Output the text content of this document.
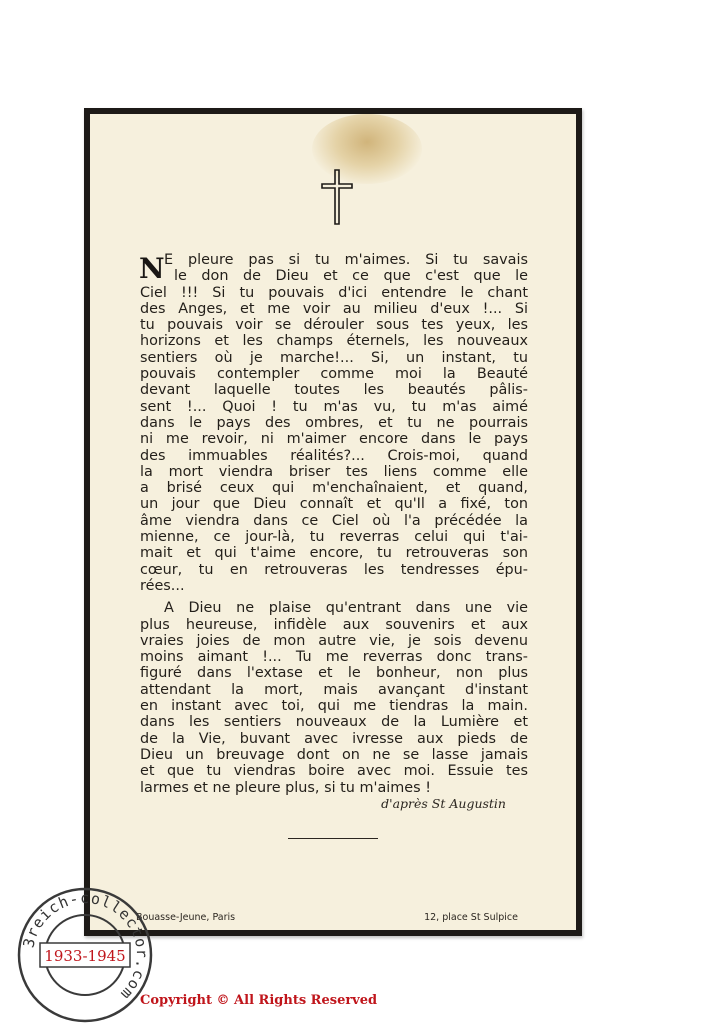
N E pleure pas si tu m'aimes. Si tu savais
le don de Dieu et ce que c'est que le
Ciel !!! Si tu pouvais d'ici entendre le chant
des Anges, et me voir au milieu d'eux !... Si
tu pouvais voir se dérouler sous tes yeux, les
horizons et les champs éternels, les nouveaux
sentiers où je marche!... Si, un instant, tu
pouvais contempler comme moi la Beauté
devant laquelle toutes les beautés pâlis-
sent !... Quoi ! tu m'as vu, tu m'as aimé
dans le pays des ombres, et tu ne pourrais
ni me revoir, ni m'aimer encore dans le pays
des immuables réalités?... Crois-moi, quand
la mort viendra briser tes liens comme elle
a brisé ceux qui m'enchaînaient, et quand,
un jour que Dieu connaît et qu'Il a fixé, ton
âme viendra dans ce Ciel où l'a précédée la
mienne, ce jour-là, tu reverras celui qui t'ai-
mait et qui t'aime encore, tu retrouveras son
cœur, tu en retrouveras les tendresses épu-
rées...
A Dieu ne plaise qu'entrant dans une vie
plus heureuse, infidèle aux souvenirs et aux
vraies joies de mon autre vie, je sois devenu
moins aimant !... Tu me reverras donc trans-
figuré dans l'extase et le bonheur, non plus
attendant la mort, mais avançant d'instant
en instant avec toi, qui me tiendras la main.
dans les sentiers nouveaux de la Lumière et
de la Vie, buvant avec ivresse aux pieds de
Dieu un breuvage dont on ne se lasse jamais
et que tu viendras boire avec moi. Essuie tes
larmes et ne pleure plus, si tu m'aimes !
d'après St Augustin
Bouasse-Jeune, Paris	12, place St Sulpice
3reich-collector.com
1933-1945
Copyright © All Rights Reserved
